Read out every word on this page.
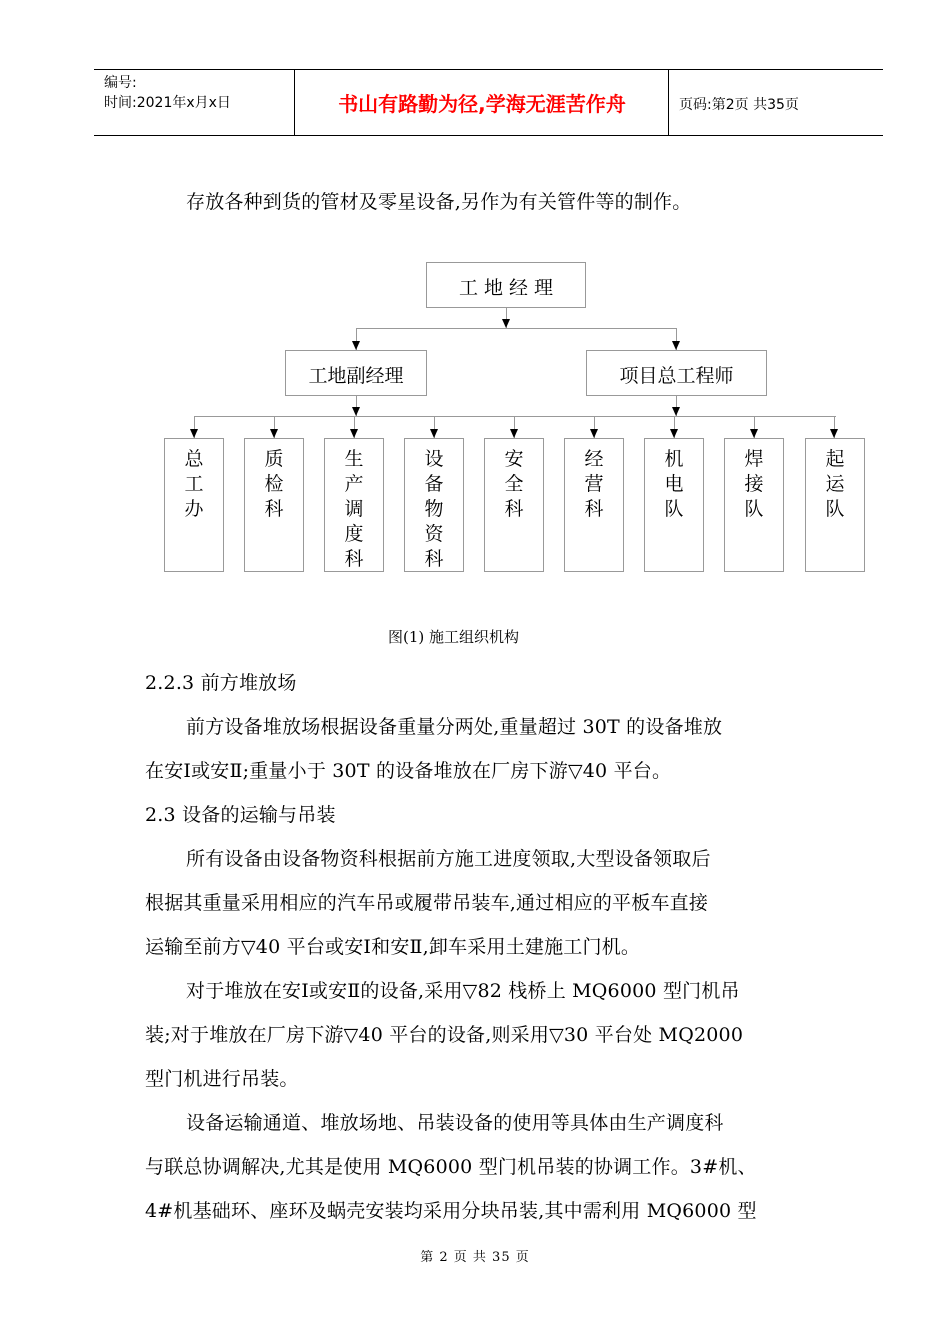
编号:
时间:2021年x月x日	书山有路勤为径,学海无涯苦作舟	页码:第2页 共35页
存放各种到货的管材及零星设备,另作为有关管件等的制作。
工 地 经 理
工地副经理	项目总工程师
总工办
质检科
生产调度科
设备物资科
安全科
经营科
机电队
焊接队
起运队
图(1) 施工组织机构
2.2.3 前方堆放场
前方设备堆放场根据设备重量分两处,重量超过 30T 的设备堆放
在安Ⅰ或安Ⅱ;重量小于 30T 的设备堆放在厂房下游▽40 平台。
2.3 设备的运输与吊装
所有设备由设备物资科根据前方施工进度领取,大型设备领取后
根据其重量采用相应的汽车吊或履带吊装车,通过相应的平板车直接
运输至前方▽40 平台或安Ⅰ和安Ⅱ,卸车采用土建施工门机。
对于堆放在安Ⅰ或安Ⅱ的设备,采用▽82 栈桥上 MQ6000 型门机吊
装;对于堆放在厂房下游▽40 平台的设备,则采用▽30 平台处 MQ2000
型门机进行吊装。
设备运输通道、堆放场地、吊装设备的使用等具体由生产调度科
与联总协调解决,尤其是使用 MQ6000 型门机吊装的协调工作。3#机、
4#机基础环、座环及蜗壳安装均采用分块吊装,其中需利用 MQ6000 型
第 2 页 共 35 页
